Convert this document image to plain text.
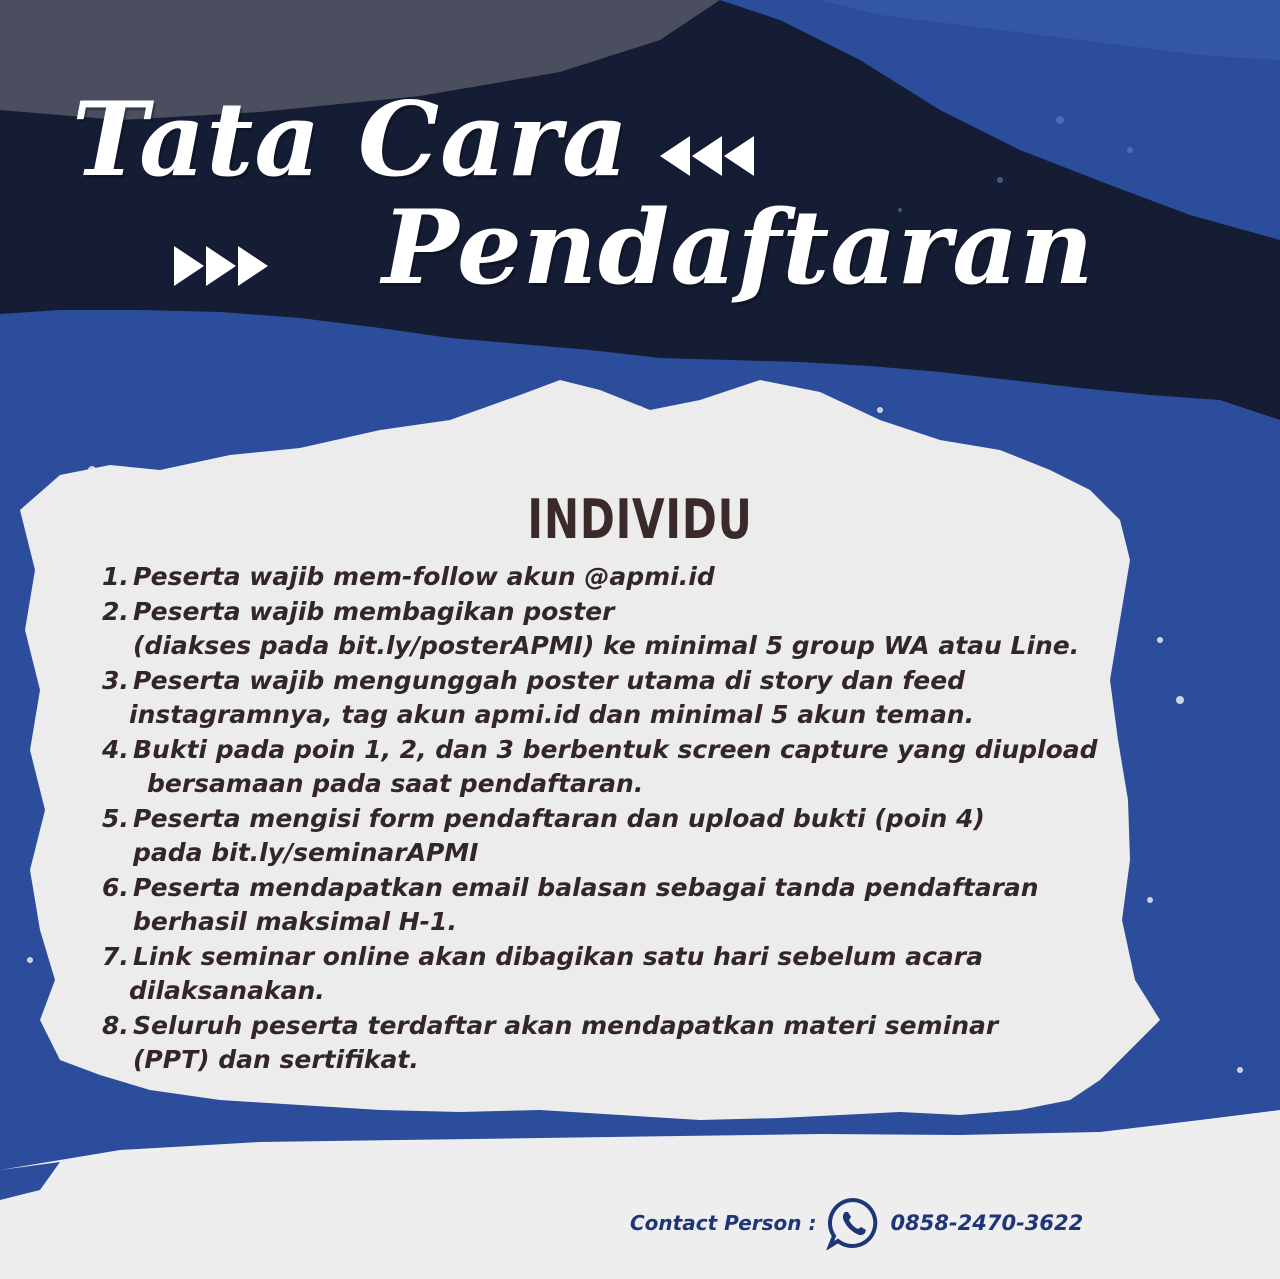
Tata Cara
Pendaftaran
INDIVIDU
1. Peserta wajib mem-follow akun @apmi.id
2. Peserta wajib membagikan poster
(diakses pada bit.ly/posterAPMI) ke minimal 5 group WA atau Line.
3. Peserta wajib mengunggah poster utama di story dan feed
instagramnya, tag akun apmi.id dan minimal 5 akun teman.
4. Bukti pada poin 1, 2, dan 3 berbentuk screen capture yang diupload
bersamaan pada saat pendaftaran.
5. Peserta mengisi form pendaftaran dan upload bukti (poin 4)
pada bit.ly/seminarAPMI
6. Peserta mendapatkan email balasan sebagai tanda pendaftaran
berhasil maksimal H-1.
7. Link seminar online akan dibagikan satu hari sebelum acara
dilaksanakan.
8. Seluruh peserta terdaftar akan mendapatkan materi seminar
(PPT) dan sertifikat.
Contact Person :	0858-2470-3622
